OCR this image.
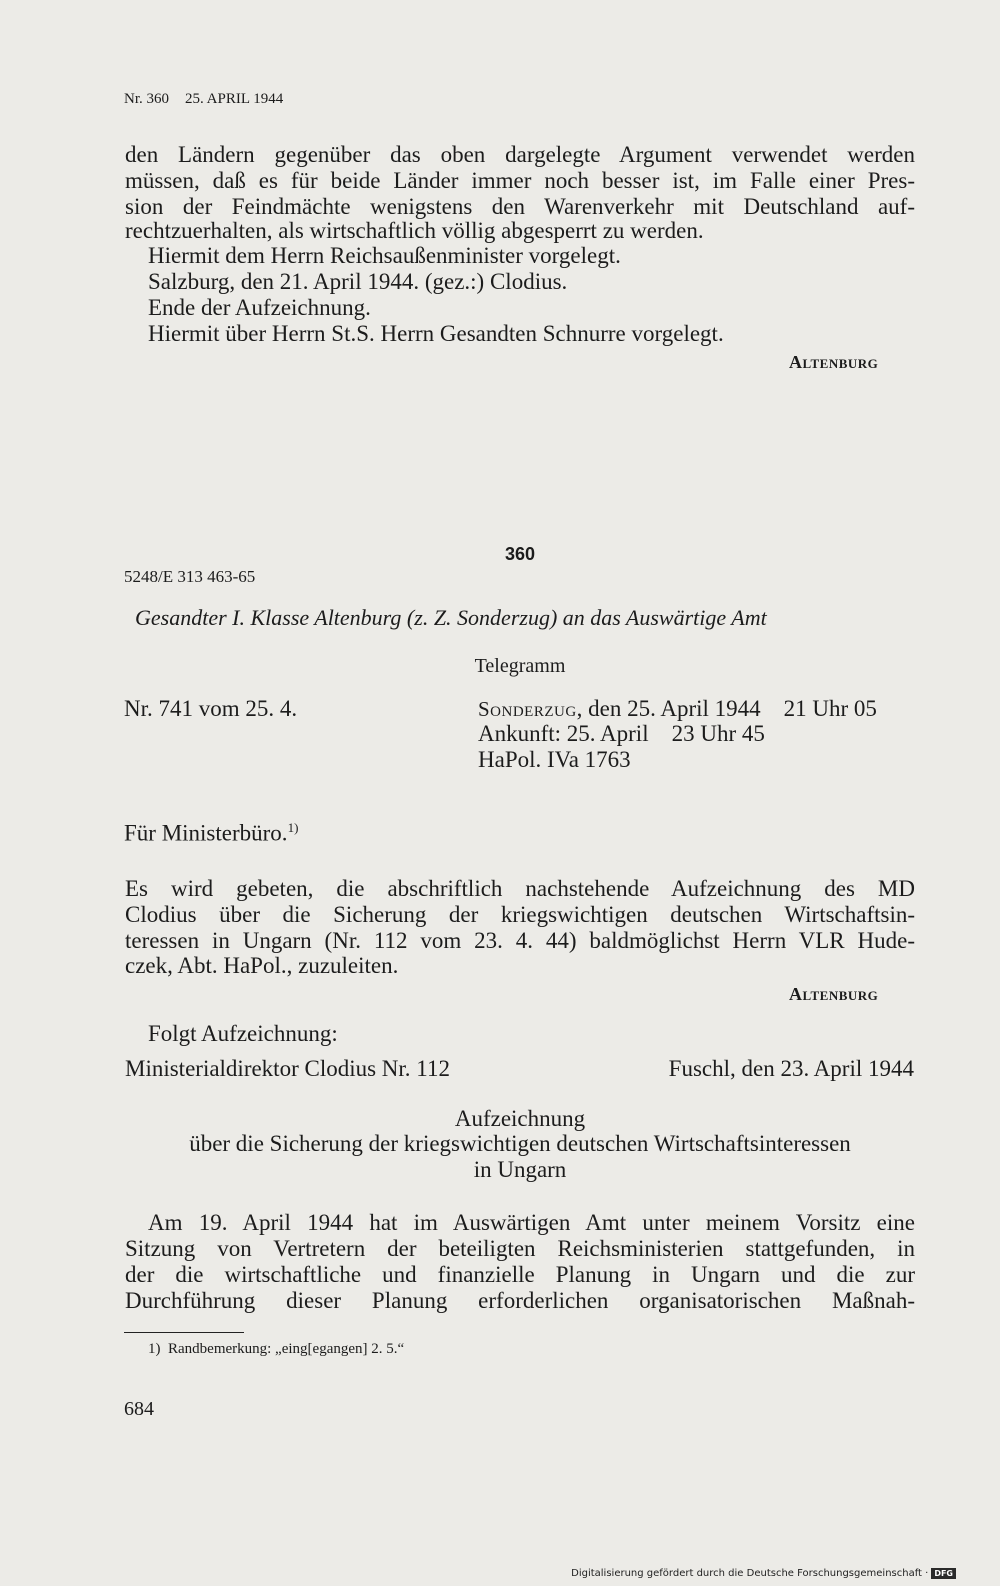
Nr. 360 25. APRIL 1944
den Ländern gegenüber das oben dargelegte Argument verwendet werden
müssen, daß es für beide Länder immer noch besser ist, im Falle einer Pres-
sion der Feindmächte wenigstens den Warenverkehr mit Deutschland auf-
rechtzuerhalten, als wirtschaftlich völlig abgesperrt zu werden.
Hiermit dem Herrn Reichsaußenminister vorgelegt.
Salzburg, den 21. April 1944. (gez.:) Clodius.
Ende der Aufzeichnung.
Hiermit über Herrn St.S. Herrn Gesandten Schnurre vorgelegt.
Altenburg
360
5248/E 313 463-65
Gesandter I. Klasse Altenburg (z. Z. Sonderzug) an das Auswärtige Amt
Telegramm
Nr. 741 vom 25. 4.	Sonderzug, den 25. April 1944    21 Uhr 05
Ankunft: 25. April    23 Uhr 45
HaPol. IVa 1763
Für Ministerbüro.$^{1)}$
Es wird gebeten, die abschriftlich nachstehende Aufzeichnung des MD
Clodius über die Sicherung der kriegswichtigen deutschen Wirtschaftsin-
teressen in Ungarn (Nr. 112 vom 23. 4. 44) baldmöglichst Herrn VLR Hude-
czek, Abt. HaPol., zuzuleiten.
Altenburg
Folgt Aufzeichnung:
Ministerialdirektor Clodius Nr. 112	Fuschl, den 23. April 1944
Aufzeichnung
über die Sicherung der kriegswichtigen deutschen Wirtschaftsinteressen
in Ungarn
Am 19. April 1944 hat im Auswärtigen Amt unter meinem Vorsitz eine
Sitzung von Vertretern der beteiligten Reichsministerien stattgefunden, in
der die wirtschaftliche und finanzielle Planung in Ungarn und die zur
Durchführung dieser Planung erforderlichen organisatorischen Maßnah-
1) Randbemerkung: „eing[egangen] 2. 5.“
684
Digitalisierung gefördert durch die Deutsche Forschungsgemeinschaft · DFG
